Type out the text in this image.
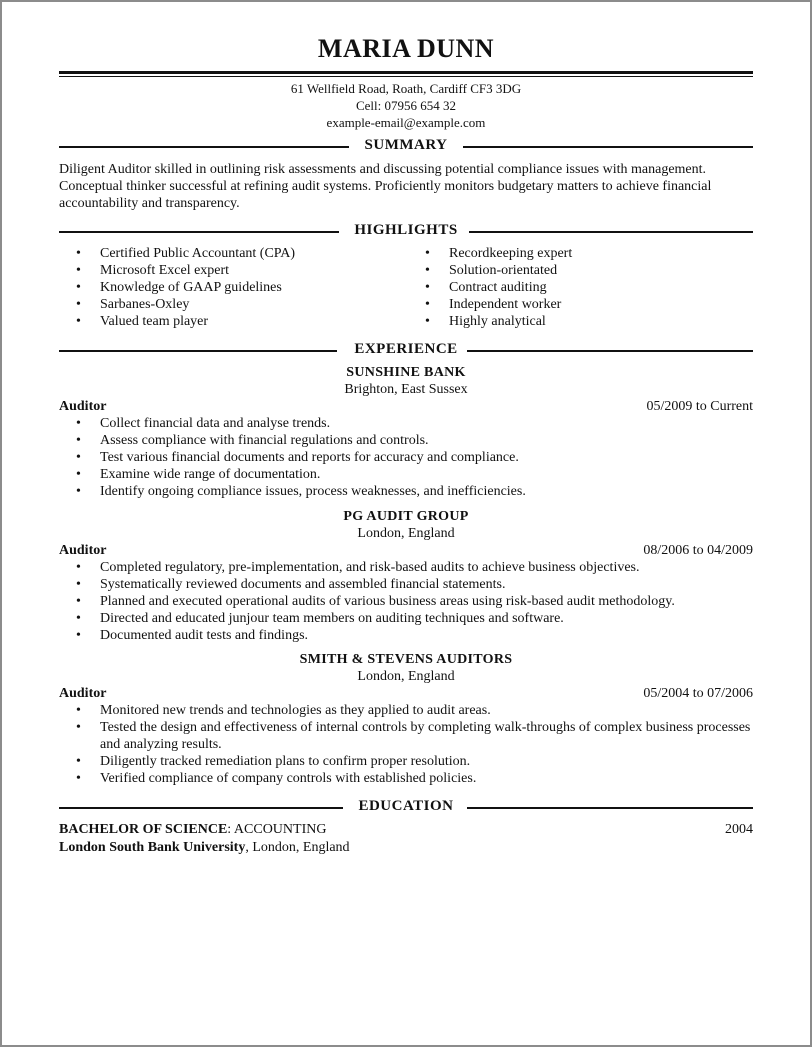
MARIA DUNN
61 Wellfield Road, Roath, Cardiff CF3 3DG
Cell: 07956 654 32
example-email@example.com
SUMMARY
Diligent Auditor skilled in outlining risk assessments and discussing potential compliance issues with management. Conceptual thinker successful at refining audit systems. Proficiently monitors budgetary matters to achieve financial accountability and transparency.
HIGHLIGHTS
• Certified Public Accountant (CPA)
• Microsoft Excel expert
• Knowledge of GAAP guidelines
• Sarbanes-Oxley
• Valued team player
• Recordkeeping expert
• Solution-orientated
• Contract auditing
• Independent worker
• Highly analytical
EXPERIENCE
SUNSHINE BANK
Brighton, East Sussex
Auditor	05/2009 to Current
• Collect financial data and analyse trends.
• Assess compliance with financial regulations and controls.
• Test various financial documents and reports for accuracy and compliance.
• Examine wide range of documentation.
• Identify ongoing compliance issues, process weaknesses, and inefficiencies.
PG AUDIT GROUP
London, England
Auditor	08/2006 to 04/2009
• Completed regulatory, pre-implementation, and risk-based audits to achieve business objectives.
• Systematically reviewed documents and assembled financial statements.
• Planned and executed operational audits of various business areas using risk-based audit methodology.
• Directed and educated junjour team members on auditing techniques and software.
• Documented audit tests and findings.
SMITH & STEVENS AUDITORS
London, England
Auditor	05/2004 to 07/2006
• Monitored new trends and technologies as they applied to audit areas.
• Tested the design and effectiveness of internal controls by completing walk-throughs of complex business processes and analyzing results.
• Diligently tracked remediation plans to confirm proper resolution.
• Verified compliance of company controls with established policies.
EDUCATION
BACHELOR OF SCIENCE: ACCOUNTING	2004
London South Bank University, London, England
